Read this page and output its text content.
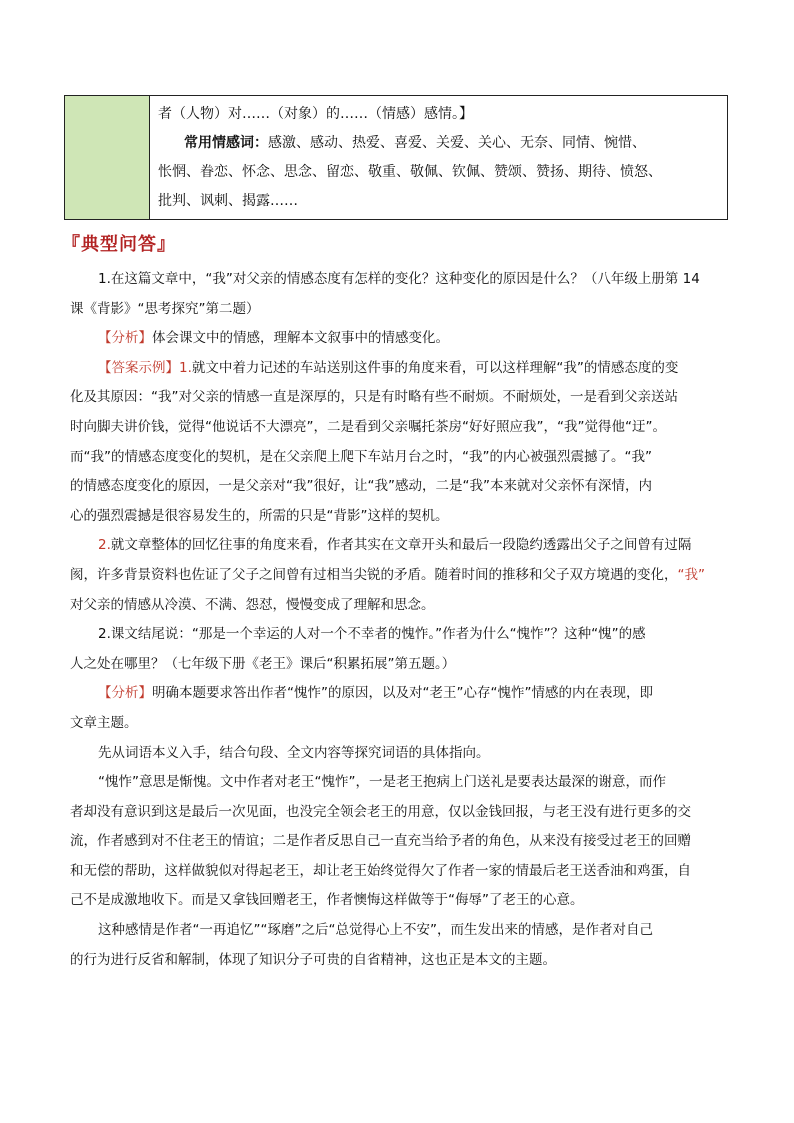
者（人物）对……（对象）的……（情感）感情。】

常用情感词：感激、感动、热爱、喜爱、关爱、关心、无奈、同情、惋惜、

怅惘、眷恋、怀念、思念、留恋、敬重、敬佩、钦佩、赞颂、赞扬、期待、愤怒、

批判、讽刺、揭露……

『典型问答』

1.在这篇文章中，“我”对父亲的情感态度有怎样的变化？这种变化的原因是什么？（八年级上册第 14

课《背影》“思考探究”第二题）

【分析】体会课文中的情感，理解本文叙事中的情感变化。

【答案示例】1.就文中着力记述的车站送别这件事的角度来看，可以这样理解“我”的情感态度的变

化及其原因：“我”对父亲的情感一直是深厚的，只是有时略有些不耐烦。不耐烦处，一是看到父亲送站

时向脚夫讲价钱，觉得“他说话不大漂亮”，二是看到父亲嘱托茶房“好好照应我”，“我”觉得他“迂”。

而“我”的情感态度变化的契机，是在父亲爬上爬下车站月台之时，“我”的内心被强烈震撼了。“我”

的情感态度变化的原因，一是父亲对“我”很好，让“我”感动，二是“我”本来就对父亲怀有深情，内

心的强烈震撼是很容易发生的，所需的只是“背影”这样的契机。

2.就文章整体的回忆往事的角度来看，作者其实在文章开头和最后一段隐约透露出父子之间曾有过隔

阂，许多背景资料也佐证了父子之间曾有过相当尖锐的矛盾。随着时间的推移和父子双方境遇的变化，“我”

对父亲的情感从冷漠、不满、怨怼，慢慢变成了理解和思念。

2.课文结尾说：“那是一个幸运的人对一个不幸者的愧怍。”作者为什么“愧怍”？这种“愧”的感

人之处在哪里？（七年级下册《老王》课后“积累拓展”第五题。）

【分析】明确本题要求答出作者“愧怍”的原因，以及对“老王”心存“愧怍”情感的内在表现，即

文章主题。

先从词语本义入手，结合句段、全文内容等探究词语的具体指向。

“愧怍”意思是惭愧。文中作者对老王“愧怍”，一是老王抱病上门送礼是要表达最深的谢意，而作

者却没有意识到这是最后一次见面，也没完全领会老王的用意，仅以金钱回报，与老王没有进行更多的交

流，作者感到对不住老王的情谊；二是作者反思自己一直充当给予者的角色，从来没有接受过老王的回赠

和无偿的帮助，这样做貌似对得起老王，却让老王始终觉得欠了作者一家的情最后老王送香油和鸡蛋，自

己不是成激地收下。而是又拿钱回赠老王，作者懊悔这样做等于“侮辱”了老王的心意。

这种感情是作者“一再追忆”“琢磨”之后“总觉得心上不安”，而生发出来的情感，是作者对自己

的行为进行反省和解制，体现了知识分子可贵的自省精神，这也正是本文的主题。
